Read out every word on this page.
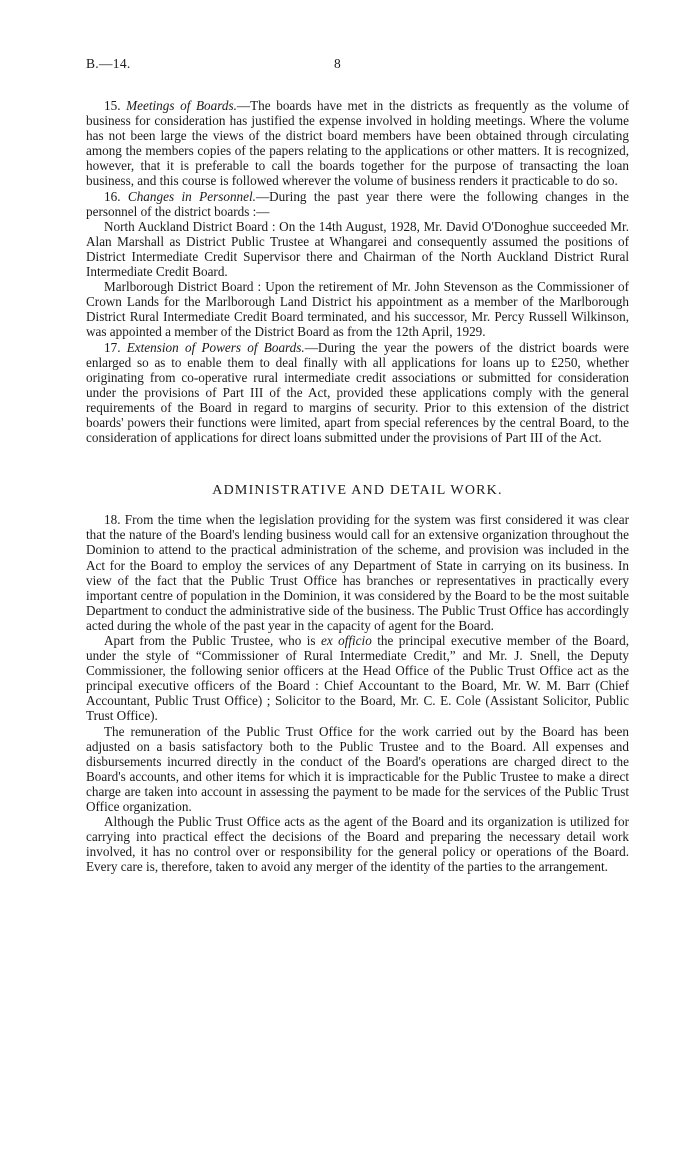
B.—14.	8

15. Meetings of Boards.—The boards have met in the districts as frequently as the volume of business for consideration has justified the expense involved in holding meetings. Where the volume has not been large the views of the district board members have been obtained through circulating among the members copies of the papers relating to the applications or other matters. It is recognized, however, that it is preferable to call the boards together for the purpose of transacting the loan business, and this course is followed wherever the volume of business renders it practicable to do so.

16. Changes in Personnel.—During the past year there were the following changes in the personnel of the district boards :—

North Auckland District Board : On the 14th August, 1928, Mr. David O'Donoghue succeeded Mr. Alan Marshall as District Public Trustee at Whangarei and consequently assumed the positions of District Intermediate Credit Supervisor there and Chairman of the North Auckland District Rural Intermediate Credit Board.

Marlborough District Board : Upon the retirement of Mr. John Stevenson as the Commissioner of Crown Lands for the Marlborough Land District his appointment as a member of the Marlborough District Rural Intermediate Credit Board terminated, and his successor, Mr. Percy Russell Wilkinson, was appointed a member of the District Board as from the 12th April, 1929.

17. Extension of Powers of Boards.—During the year the powers of the district boards were enlarged so as to enable them to deal finally with all applications for loans up to £250, whether originating from co-operative rural intermediate credit associations or submitted for consideration under the provisions of Part III of the Act, provided these applications comply with the general requirements of the Board in regard to margins of security. Prior to this extension of the district boards' powers their functions were limited, apart from special references by the central Board, to the consideration of applications for direct loans submitted under the provisions of Part III of the Act.

ADMINISTRATIVE AND DETAIL WORK.

18. From the time when the legislation providing for the system was first considered it was clear that the nature of the Board's lending business would call for an extensive organization throughout the Dominion to attend to the practical administration of the scheme, and provision was included in the Act for the Board to employ the services of any Department of State in carrying on its business. In view of the fact that the Public Trust Office has branches or representatives in practically every important centre of population in the Dominion, it was considered by the Board to be the most suitable Department to conduct the administrative side of the business. The Public Trust Office has accordingly acted during the whole of the past year in the capacity of agent for the Board.

Apart from the Public Trustee, who is ex officio the principal executive member of the Board, under the style of “Commissioner of Rural Intermediate Credit,” and Mr. J. Snell, the Deputy Commissioner, the following senior officers at the Head Office of the Public Trust Office act as the principal executive officers of the Board : Chief Accountant to the Board, Mr. W. M. Barr (Chief Accountant, Public Trust Office) ; Solicitor to the Board, Mr. C. E. Cole (Assistant Solicitor, Public Trust Office).

The remuneration of the Public Trust Office for the work carried out by the Board has been adjusted on a basis satisfactory both to the Public Trustee and to the Board. All expenses and disbursements incurred directly in the conduct of the Board's operations are charged direct to the Board's accounts, and other items for which it is impracticable for the Public Trustee to make a direct charge are taken into account in assessing the payment to be made for the services of the Public Trust Office organization.

Although the Public Trust Office acts as the agent of the Board and its organization is utilized for carrying into practical effect the decisions of the Board and preparing the necessary detail work involved, it has no control over or responsibility for the general policy or operations of the Board. Every care is, therefore, taken to avoid any merger of the identity of the parties to the arrangement.
